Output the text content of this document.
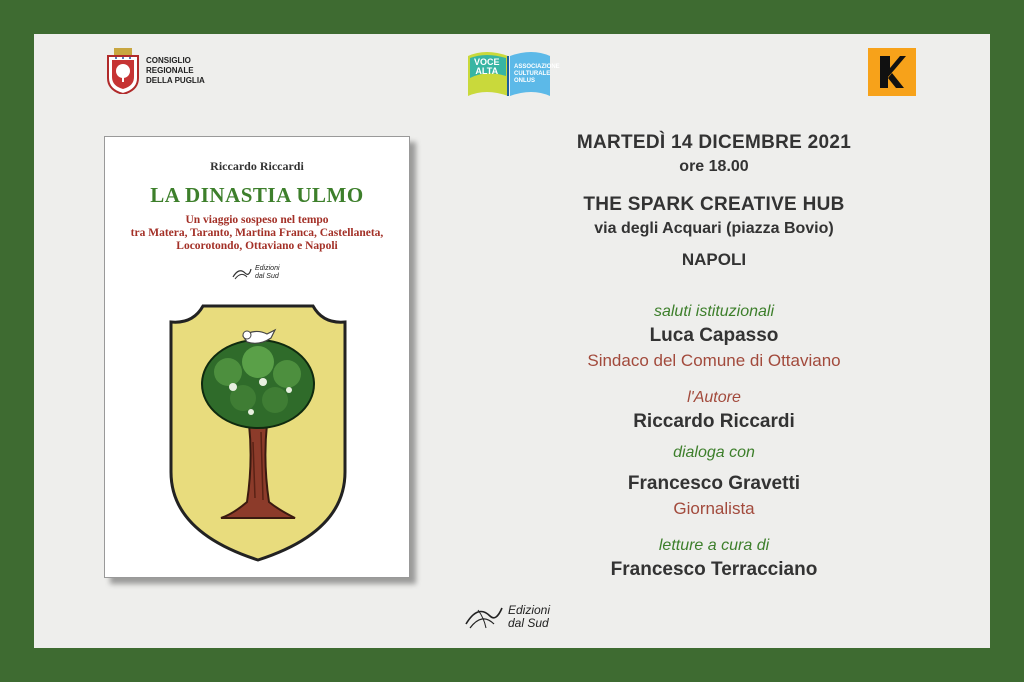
CONSIGLIO REGIONALE
DELLA PUGLIA
VOCE
ALTA	ASSOCIAZIONE CULTURALE ONLUS
Riccardo Riccardi
LA DINASTIA ULMO
Un viaggio sospeso nel tempo
tra Matera, Taranto, Martina Franca, Castellaneta,
Locorotondo, Ottaviano e Napoli
Edizioni
dal Sud
MARTEDÌ 14 DICEMBRE 2021
ore 18.00
THE SPARK CREATIVE HUB
via degli Acquari (piazza Bovio)
NAPOLI
saluti istituzionali
Luca Capasso
Sindaco del Comune di Ottaviano
l'Autore
Riccardo Riccardi
dialoga con
Francesco Gravetti
Giornalista
letture a cura di
Francesco Terracciano
Edizioni
dal Sud
